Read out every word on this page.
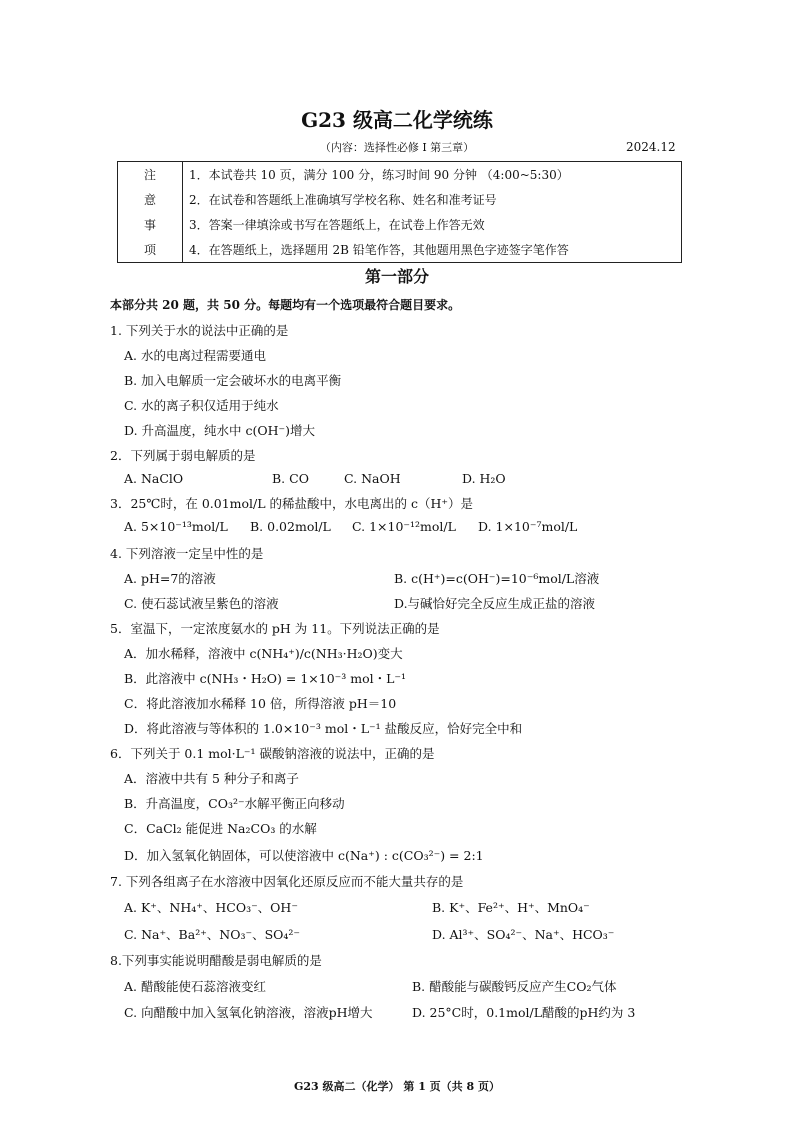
G23 级高二化学统练
（内容：选择性必修 I 第三章）	2024.12
注	1．本试卷共 10 页，满分 100 分，练习时间 90 分钟 （4:00~5:30）
意	2．在试卷和答题纸上准确填写学校名称、姓名和准考证号
事	3．答案一律填涂或书写在答题纸上，在试卷上作答无效
项	4．在答题纸上，选择题用 2B 铅笔作答，其他题用黑色字迹签字笔作答
第一部分
本部分共 20 题，共 50 分。每题均有一个选项最符合题目要求。
1. 下列关于水的说法中正确的是
A. 水的电离过程需要通电
B. 加入电解质一定会破坏水的电离平衡
C. 水的离子积仅适用于纯水
D. 升高温度，纯水中 c(OH⁻)增大
2．下列属于弱电解质的是
A. NaClO	B. CO	C. NaOH	D. H₂O
3．25℃时，在 0.01mol/L 的稀盐酸中，水电离出的 c（H⁺）是
A. 5×10⁻¹³mol/L B. 0.02mol/L C. 1×10⁻¹²mol/L D. 1×10⁻⁷mol/L
4. 下列溶液一定呈中性的是
A. pH=7的溶液	B. c(H⁺)=c(OH⁻)=10⁻⁶mol/L溶液
C. 使石蕊试液呈紫色的溶液	D.与碱恰好完全反应生成正盐的溶液
5．室温下，一定浓度氨水的 pH 为 11。下列说法正确的是
A．加水稀释，溶液中 c(NH₄⁺)/c(NH₃·H₂O)变大
B．此溶液中 c(NH₃・H₂O) = 1×10⁻³ mol・L⁻¹
C．将此溶液加水稀释 10 倍，所得溶液 pH＝10
D．将此溶液与等体积的 1.0×10⁻³ mol・L⁻¹ 盐酸反应，恰好完全中和
6．下列关于 0.1 mol·L⁻¹ 碳酸钠溶液的说法中，正确的是
A．溶液中共有 5 种分子和离子
B．升高温度，CO₃²⁻水解平衡正向移动
C．CaCl₂ 能促进 Na₂CO₃ 的水解
D．加入氢氧化钠固体，可以使溶液中 c(Na⁺) : c(CO₃²⁻) = 2:1
7. 下列各组离子在水溶液中因氧化还原反应而不能大量共存的是
A. K⁺、NH₄⁺、HCO₃⁻、OH⁻	B. K⁺、Fe²⁺、H⁺、MnO₄⁻
C. Na⁺、Ba²⁺、NO₃⁻、SO₄²⁻	D. Al³⁺、SO₄²⁻、Na⁺、HCO₃⁻
8.下列事实能说明醋酸是弱电解质的是
A. 醋酸能使石蕊溶液变红	B. 醋酸能与碳酸钙反应产生CO₂气体
C. 向醋酸中加入氢氧化钠溶液，溶液pH增大	D. 25°C时，0.1mol/L醋酸的pH约为 3
G23 级高二（化学） 第 1 页（共 8 页）
